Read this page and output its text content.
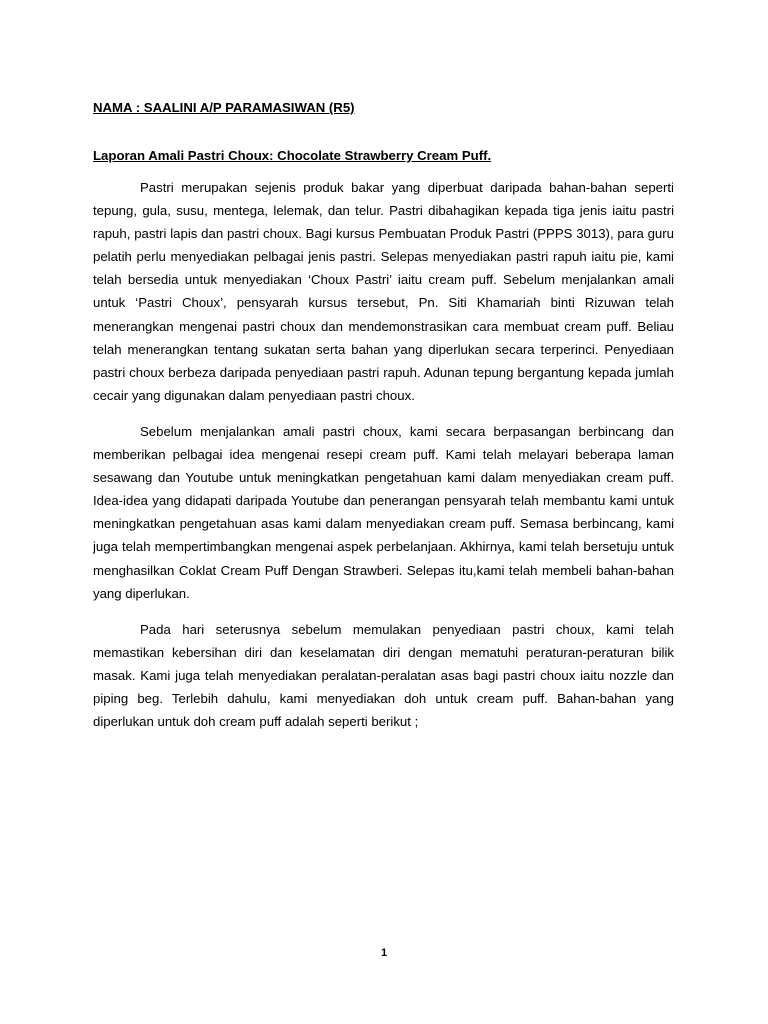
NAMA : SAALINI A/P PARAMASIWAN (R5)

Laporan Amali Pastri Choux: Chocolate Strawberry Cream Puff.

Pastri merupakan sejenis produk bakar yang diperbuat daripada bahan-bahan seperti tepung, gula, susu, mentega, lelemak, dan telur. Pastri dibahagikan kepada tiga jenis iaitu pastri rapuh, pastri lapis dan pastri choux. Bagi kursus Pembuatan Produk Pastri (PPPS 3013), para guru pelatih perlu menyediakan pelbagai jenis pastri. Selepas menyediakan pastri rapuh iaitu pie, kami telah bersedia untuk menyediakan ‘Choux Pastri’ iaitu cream puff. Sebelum menjalankan amali untuk ‘Pastri Choux’, pensyarah kursus tersebut, Pn. Siti Khamariah binti Rizuwan telah menerangkan mengenai pastri choux dan mendemonstrasikan cara membuat cream puff. Beliau telah menerangkan tentang sukatan serta bahan yang diperlukan secara terperinci. Penyediaan pastri choux berbeza daripada penyediaan pastri rapuh. Adunan tepung bergantung kepada jumlah cecair yang digunakan dalam penyediaan pastri choux.

Sebelum menjalankan amali pastri choux, kami secara berpasangan berbincang dan memberikan pelbagai idea mengenai resepi cream puff. Kami telah melayari beberapa laman sesawang dan Youtube untuk meningkatkan pengetahuan kami dalam menyediakan cream puff. Idea-idea yang didapati daripada Youtube dan penerangan pensyarah telah membantu kami untuk meningkatkan pengetahuan asas kami dalam menyediakan cream puff. Semasa berbincang, kami juga telah mempertimbangkan mengenai aspek perbelanjaan. Akhirnya, kami telah bersetuju untuk menghasilkan Coklat Cream Puff Dengan Strawberi. Selepas itu,kami telah membeli bahan-bahan yang diperlukan.

Pada hari seterusnya sebelum memulakan penyediaan pastri choux, kami telah memastikan kebersihan diri dan keselamatan diri dengan mematuhi peraturan-peraturan bilik masak. Kami juga telah menyediakan peralatan-peralatan asas bagi pastri choux iaitu nozzle dan piping beg. Terlebih dahulu, kami menyediakan doh untuk cream puff. Bahan-bahan yang diperlukan untuk doh cream puff adalah seperti berikut ;

1
